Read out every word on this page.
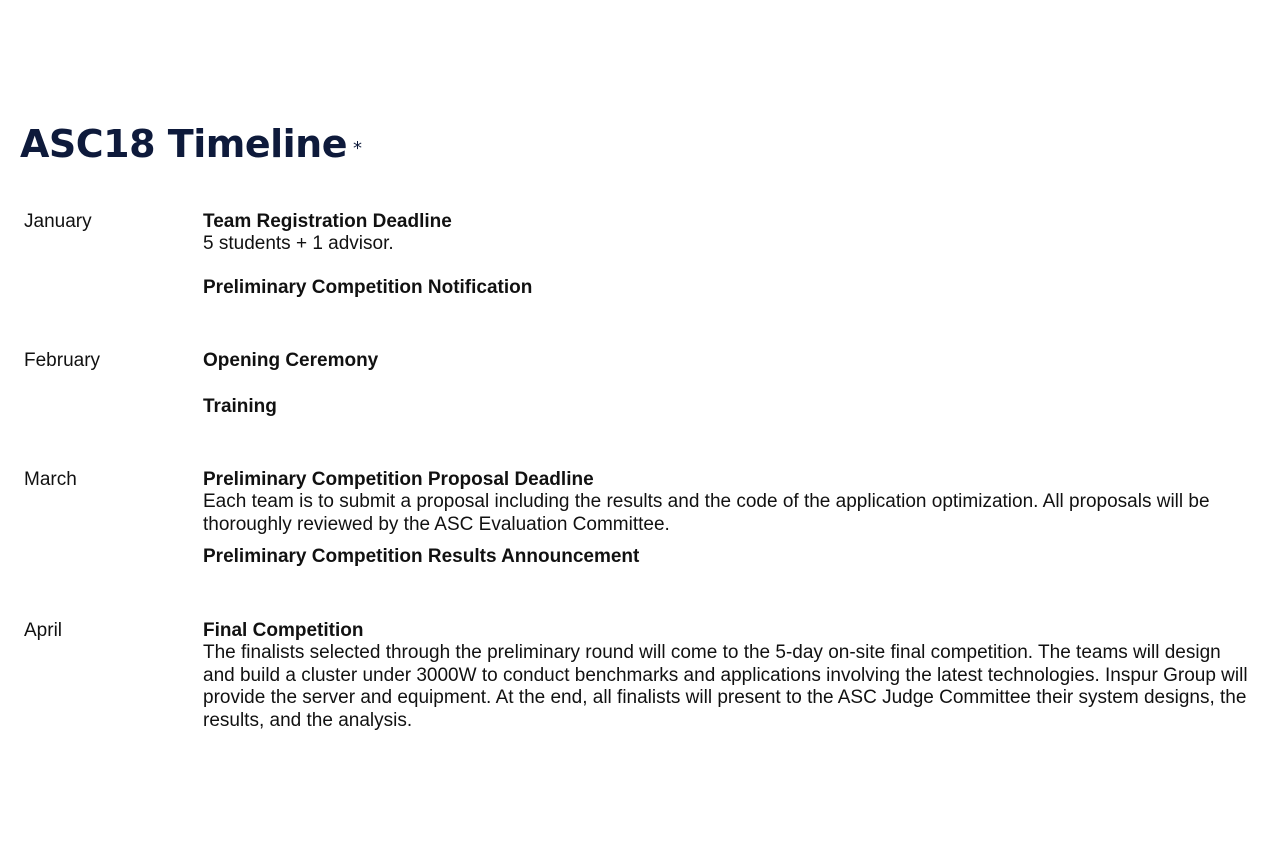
ASC18 Timeline *
January	Team Registration Deadline
5 students + 1 advisor.
Preliminary Competition Notification
February	Opening Ceremony
Training
March	Preliminary Competition Proposal Deadline
Each team is to submit a proposal including the results and the code of the application optimization. All proposals will be thoroughly reviewed by the ASC Evaluation Committee.
Preliminary Competition Results Announcement
April	Final Competition
The finalists selected through the preliminary round will come to the 5-day on-site final competition. The teams will design and build a cluster under 3000W to conduct benchmarks and applications involving the latest technologies. Inspur Group will provide the server and equipment. At the end, all finalists will present to the ASC Judge Committee their system designs, the results, and the analysis.
